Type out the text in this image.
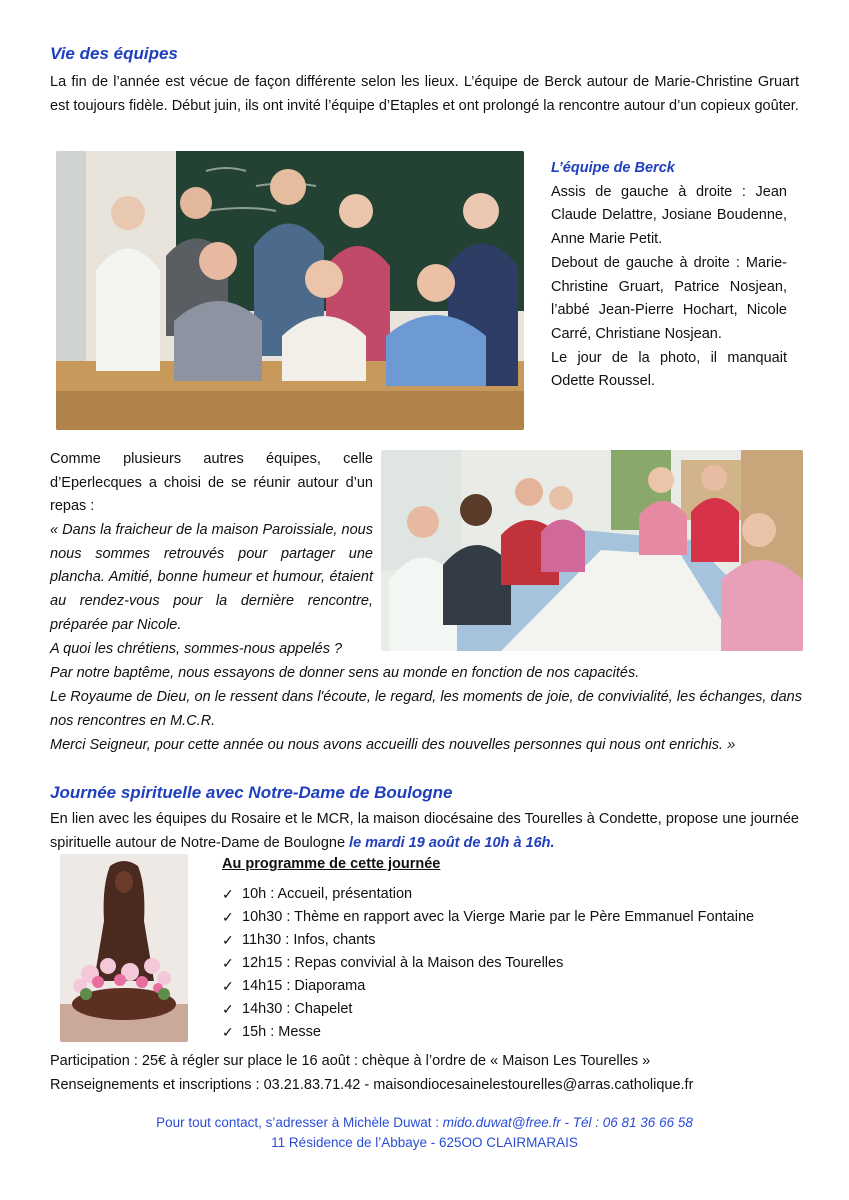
Vie des équipes

La fin de l’année est vécue de façon différente selon les lieux. L’équipe de Berck autour de Marie-Christine Gruart est toujours fidèle. Début juin, ils ont invité l’équipe d’Etaples et ont prolongé la rencontre autour d’un copieux goûter.

L’équipe de Berck

Assis de gauche à droite : Jean Claude Delattre, Josiane Boudenne, Anne Marie Petit.

Debout de gauche à droite : Marie-Christine Gruart, Patrice Nosjean, l’abbé Jean-Pierre Hochart, Nicole Carré, Christiane Nosjean.

Le jour de la photo, il manquait Odette Roussel.

Comme plusieurs autres équipes, celle d’Eperlecques a choisi de se réunir autour d’un repas :

« Dans la fraicheur de la maison Paroissiale, nous nous sommes retrouvés pour partager une plancha. Amitié, bonne humeur et humour, étaient au rendez-vous pour la dernière rencontre, préparée par Nicole.

A quoi les chrétiens, sommes-nous appelés ?

Par notre baptême, nous essayons de donner sens au monde en fonction de nos capacités.

Le Royaume de Dieu, on le ressent dans l'écoute, le regard, les moments de joie, de convivialité, les échanges, dans nos rencontres en M.C.R.

Merci Seigneur, pour cette année ou nous avons accueilli des nouvelles personnes qui nous ont enrichis. »

Journée spirituelle avec Notre-Dame de Boulogne

En lien avec les équipes du Rosaire et le MCR, la maison diocésaine des Tourelles à Condette, propose une journée spirituelle autour de Notre-Dame de Boulogne le mardi 19 août de 10h à 16h.

Au programme de cette journée
✓ 10h : Accueil, présentation
✓ 10h30 : Thème en rapport avec la Vierge Marie par le Père Emmanuel Fontaine
✓ 11h30 : Infos, chants
✓ 12h15 : Repas convivial à la Maison des Tourelles
✓ 14h15 : Diaporama
✓ 14h30 : Chapelet
✓ 15h : Messe

Participation : 25€ à régler sur place le 16 août : chèque à l’ordre de « Maison Les Tourelles »

Renseignements et inscriptions : 03.21.83.71.42 - maisondiocesainelestourelles@arras.catholique.fr

Pour tout contact, s’adresser à Michèle Duwat : mido.duwat@free.fr - Tél : 06 81 36 66 58
11 Résidence de l’Abbaye - 625OO CLAIRMARAIS
